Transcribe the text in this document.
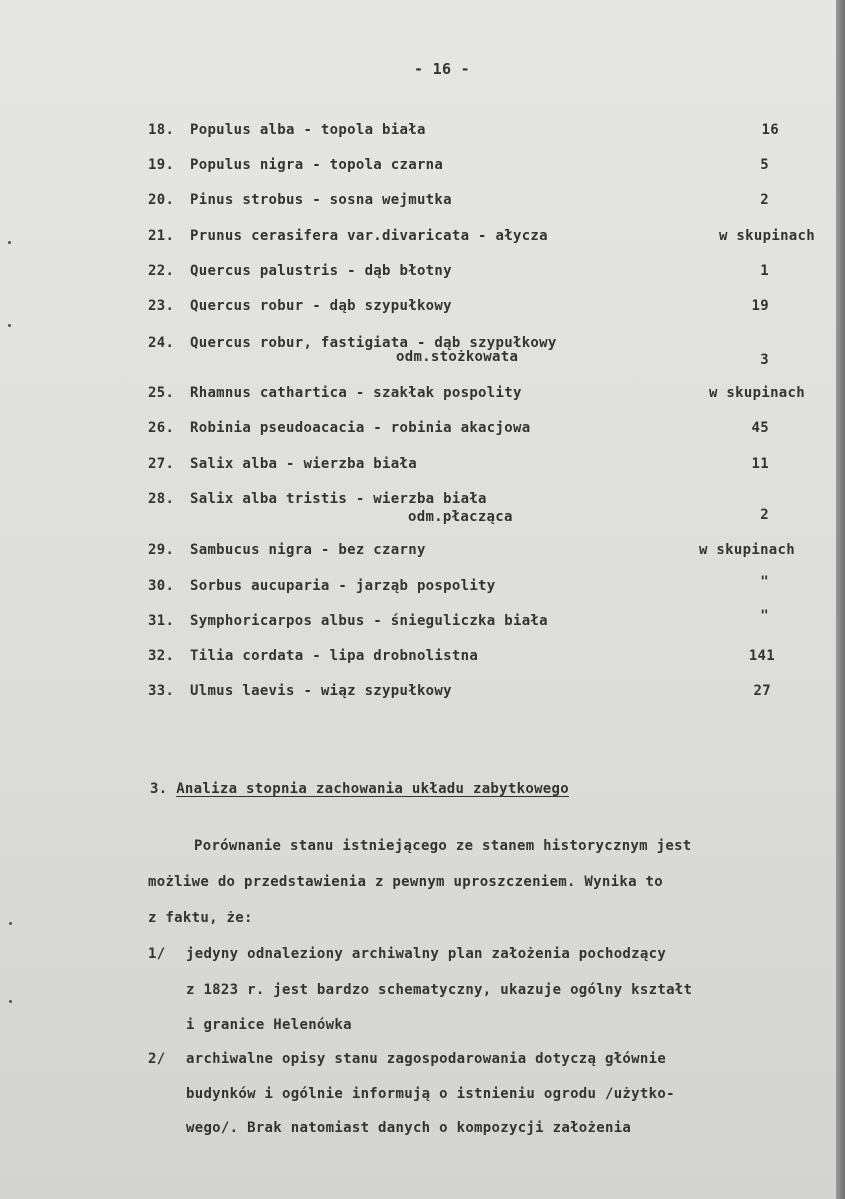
- 16 -
18. Populus alba - topola biała	16
19. Populus nigra - topola czarna	5
20. Pinus strobus - sosna wejmutka	2
21. Prunus cerasifera var.divaricata - ałycza	w skupinach
22. Quercus palustris - dąb błotny	1
23. Quercus robur - dąb szypułkowy	19
24. Quercus robur, fastigiata - dąb szypułkowy
odm.stożkowata	3
25. Rhamnus cathartica - szakłak pospolity	w skupinach
26. Robinia pseudoacacia - robinia akacjowa	45
27. Salix alba - wierzba biała	11
28. Salix alba tristis - wierzba biała
odm.płacząca	2
29. Sambucus nigra - bez czarny	w skupinach
30. Sorbus aucuparia - jarząb pospolity	"
31. Symphoricarpos albus - śnieguliczka biała	"
32. Tilia cordata - lipa drobnolistna	141
33. Ulmus laevis - wiąz szypułkowy	27
3. Analiza stopnia zachowania układu zabytkowego
Porównanie stanu istniejącego ze stanem historycznym jest
możliwe do przedstawienia z pewnym uproszczeniem. Wynika to
z faktu, że:
1/ jedyny odnaleziony archiwalny plan założenia pochodzący
z 1823 r. jest bardzo schematyczny, ukazuje ogólny kształt
i granice Helenówka
2/ archiwalne opisy stanu zagospodarowania dotyczą głównie
budynków i ogólnie informują o istnieniu ogrodu /użytko-
wego/. Brak natomiast danych o kompozycji założenia
